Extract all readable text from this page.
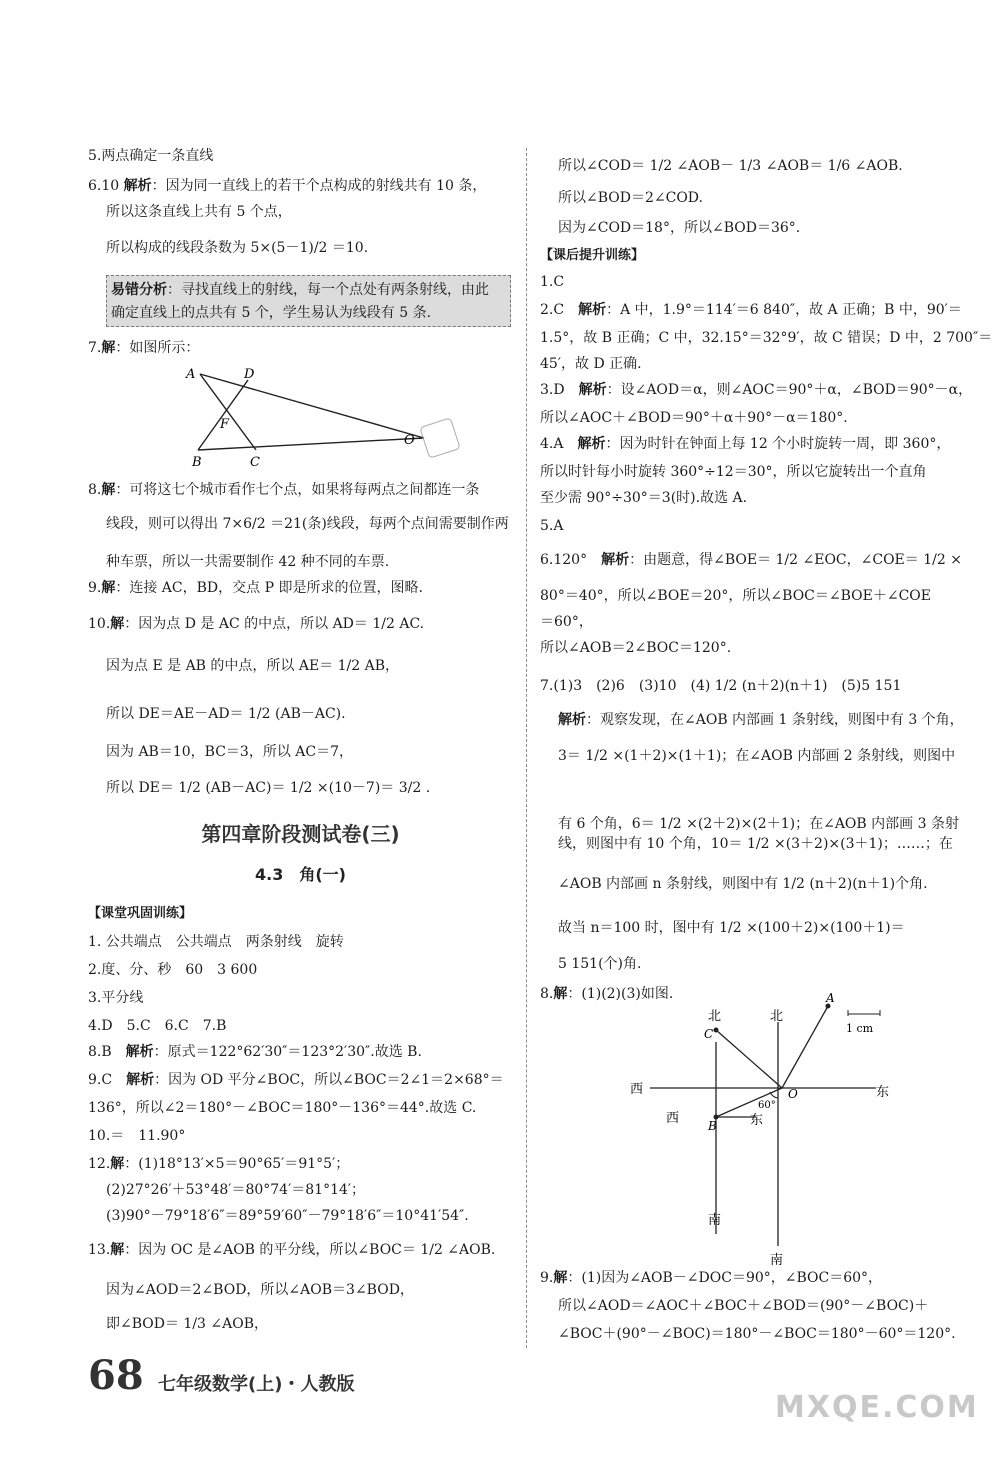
5.两点确定一条直线
6.10 解析：因为同一直线上的若干个点构成的射线共有 10 条，
所以这条直线上共有 5 个点，
所以构成的线段条数为 5×(5－1)/2 ＝10.
易错分析：寻找直线上的射线，每一个点处有两条射线，由此
确定直线上的点共有 5 个，学生易认为线段有 5 条.
7.解：如图所示：
A	D
F
B	C
O
8.解：可将这七个城市看作七个点，如果将每两点之间都连一条
线段，则可以得出 7×6/2 ＝21(条)线段，每两个点间需要制作两
种车票，所以一共需要制作 42 种不同的车票.
9.解：连接 AC，BD，交点 P 即是所求的位置，图略.
10.解：因为点 D 是 AC 的中点，所以 AD＝ 1/2 AC.
因为点 E 是 AB 的中点，所以 AE＝ 1/2 AB，
所以 DE＝AE－AD＝ 1/2 (AB－AC).
因为 AB＝10，BC＝3，所以 AC＝7，
所以 DE＝ 1/2 (AB－AC)＝ 1/2 ×(10－7)＝ 3/2 .
第四章阶段测试卷(三)
4.3　角(一)
【课堂巩固训练】
1. 公共端点　公共端点　两条射线　旋转
2.度、分、秒　60　3 600
3.平分线
4.D　5.C　6.C　7.B
8.B　解析：原式＝122°62′30″＝123°2′30″.故选 B.
9.C　解析：因为 OD 平分∠BOC，所以∠BOC＝2∠1＝2×68°＝
136°，所以∠2＝180°－∠BOC＝180°－136°＝44°.故选 C.
10.＝　11.90°
12.解：(1)18°13′×5＝90°65′＝91°5′；
(2)27°26′＋53°48′＝80°74′＝81°14′；
(3)90°－79°18′6″＝89°59′60″－79°18′6″＝10°41′54″.
13.解：因为 OC 是∠AOB 的平分线，所以∠BOC＝ 1/2 ∠AOB.
因为∠AOD＝2∠BOD，所以∠AOB＝3∠BOD，
即∠BOD＝ 1/3 ∠AOB，
所以∠COD＝ 1/2 ∠AOB－ 1/3 ∠AOB＝ 1/6 ∠AOB.
所以∠BOD＝2∠COD.
因为∠COD＝18°，所以∠BOD＝36°.
【课后提升训练】
1.C
2.C　解析：A 中，1.9°＝114′＝6 840″，故 A 正确；B 中，90′＝
1.5°，故 B 正确；C 中，32.15°＝32°9′，故 C 错误；D 中，2 700″＝
45′，故 D 正确.
3.D　解析：设∠AOD＝α，则∠AOC＝90°＋α，∠BOD＝90°－α，
所以∠AOC＋∠BOD＝90°＋α＋90°－α＝180°.
4.A　解析：因为时针在钟面上每 12 个小时旋转一周，即 360°，
所以时针每小时旋转 360°÷12＝30°，所以它旋转出一个直角
至少需 90°÷30°＝3(时).故选 A.
5.A
6.120°　解析：由题意，得∠BOE＝ 1/2 ∠EOC，∠COE＝ 1/2 ×
80°＝40°，所以∠BOE＝20°，所以∠BOC＝∠BOE＋∠COE
＝60°，
所以∠AOB＝2∠BOC＝120°.
7.(1)3　(2)6　(3)10　(4) 1/2 (n＋2)(n＋1)　(5)5 151
解析：观察发现，在∠AOB 内部画 1 条射线，则图中有 3 个角，
3＝ 1/2 ×(1＋2)×(1＋1)；在∠AOB 内部画 2 条射线，则图中
有 6 个角，6＝ 1/2 ×(2＋2)×(2＋1)；在∠AOB 内部画 3 条射
线，则图中有 10 个角，10＝ 1/2 ×(3＋2)×(3＋1)；……；在
∠AOB 内部画 n 条射线，则图中有 1/2 (n＋2)(n＋1)个角.
故当 n＝100 时，图中有 1/2 ×(100＋2)×(100＋1)＝
5 151(个)角.
8.解：(1)(2)(3)如图.
1 cm
北
北
西	东
西	东
南
南
A
C
B
O
60°
9.解：(1)因为∠AOB－∠DOC＝90°，∠BOC＝60°，
所以∠AOD＝∠AOC＋∠BOC＋∠BOD＝(90°－∠BOC)＋
∠BOC＋(90°－∠BOC)＝180°－∠BOC＝180°－60°＝120°.
68 七年级数学(上)・人教版
MXQE.COM
